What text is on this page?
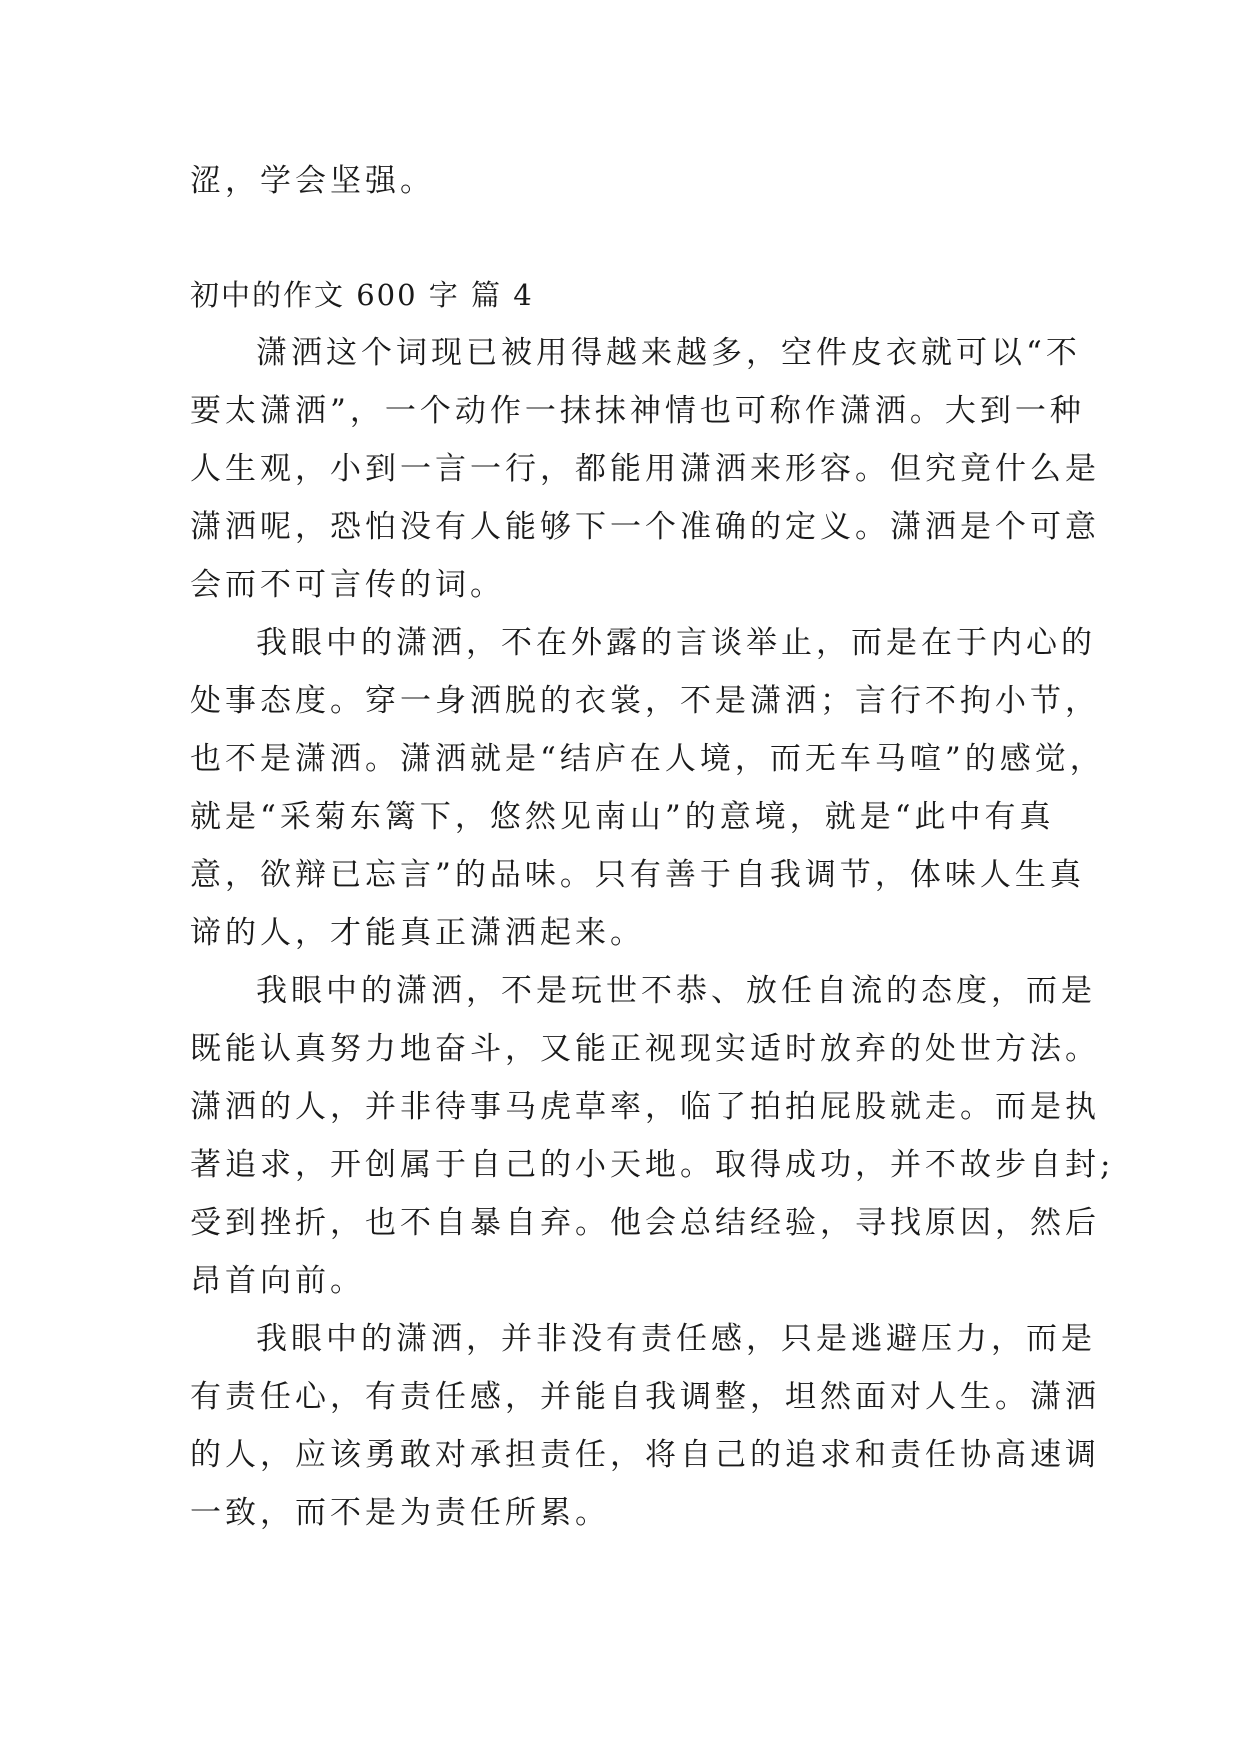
涩，学会坚强。
初中的作文 600 字 篇 4
潇洒这个词现已被用得越来越多，空件皮衣就可以“不
要太潇洒”，一个动作一抹抹神情也可称作潇洒。大到一种
人生观，小到一言一行，都能用潇洒来形容。但究竟什么是
潇洒呢，恐怕没有人能够下一个准确的定义。潇洒是个可意
会而不可言传的词。
我眼中的潇洒，不在外露的言谈举止，而是在于内心的
处事态度。穿一身洒脱的衣裳，不是潇洒；言行不拘小节，
也不是潇洒。潇洒就是“结庐在人境，而无车马喧”的感觉，
就是“采菊东篱下，悠然见南山”的意境，就是“此中有真
意，欲辩已忘言”的品味。只有善于自我调节，体味人生真
谛的人，才能真正潇洒起来。
我眼中的潇洒，不是玩世不恭、放任自流的态度，而是
既能认真努力地奋斗，又能正视现实适时放弃的处世方法。
潇洒的人，并非待事马虎草率，临了拍拍屁股就走。而是执
著追求，开创属于自己的小天地。取得成功，并不故步自封;
受到挫折，也不自暴自弃。他会总结经验，寻找原因，然后
昂首向前。
我眼中的潇洒，并非没有责任感，只是逃避压力，而是
有责任心，有责任感，并能自我调整，坦然面对人生。潇洒
的人，应该勇敢对承担责任，将自己的追求和责任协高速调
一致，而不是为责任所累。
